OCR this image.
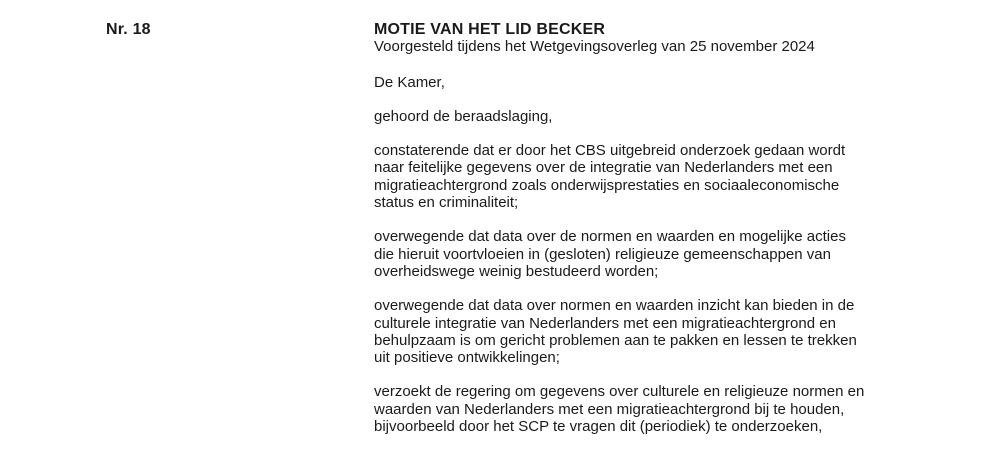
Nr. 18	MOTIE VAN HET LID BECKER
Voorgesteld tijdens het Wetgevingsoverleg van 25 november 2024
De Kamer,
gehoord de beraadslaging,
constaterende dat er door het CBS uitgebreid onderzoek gedaan wordt
naar feitelijke gegevens over de integratie van Nederlanders met een
migratieachtergrond zoals onderwijsprestaties en sociaaleconomische
status en criminaliteit;
overwegende dat data over de normen en waarden en mogelijke acties
die hieruit voortvloeien in (gesloten) religieuze gemeenschappen van
overheidswege weinig bestudeerd worden;
overwegende dat data over normen en waarden inzicht kan bieden in de
culturele integratie van Nederlanders met een migratieachtergrond en
behulpzaam is om gericht problemen aan te pakken en lessen te trekken
uit positieve ontwikkelingen;
verzoekt de regering om gegevens over culturele en religieuze normen en
waarden van Nederlanders met een migratieachtergrond bij te houden,
bijvoorbeeld door het SCP te vragen dit (periodiek) te onderzoeken,
